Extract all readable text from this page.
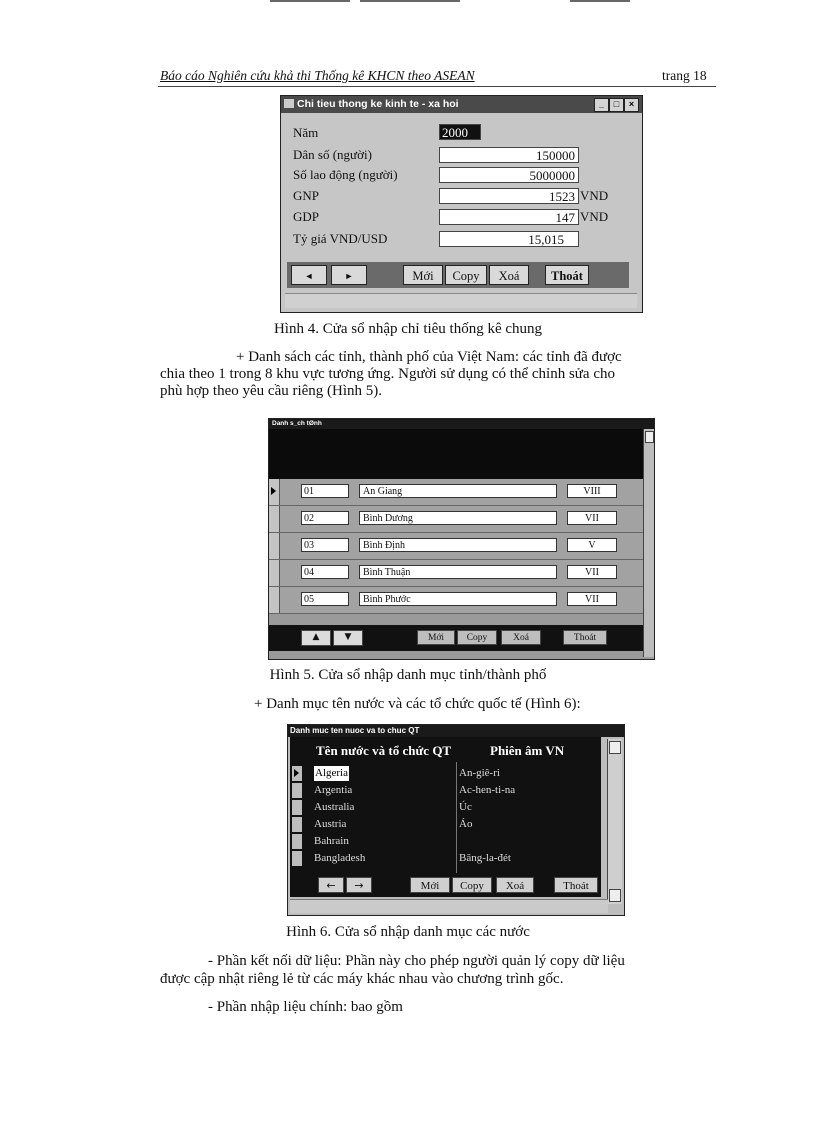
Báo cáo Nghiên cứu khả thi Thống kê KHCN theo ASEAN	trang 18
Chi tieu thong ke kinh te - xa hoi	_	□	×
Năm	2000
Dân số (người)	150000
Số lao động (người)	5000000
GNP	1523 VND
GDP	147 VND
Tỷ giá VND/USD	15,015
◄	►	Mới	Copy	Xoá	Thoát
Hình 4. Cửa sổ nhập chỉ tiêu thống kê chung
+ Danh sách các tỉnh, thành phố của Việt Nam: các tỉnh đã được
chia theo 1 trong 8 khu vực tương ứng. Người sử dụng có thể chỉnh sửa cho
phù hợp theo yêu cầu riêng (Hình 5).
Danh s_ch tØnh
01	An Giang	VIII
02	Bình Dương	VII
03	Bình Định	V
04	Bình Thuận	VII
05	Bình Phước	VII
▲	▼	Mới	Copy	Xoá	Thoát
Hình 5. Cửa sổ nhập danh mục tỉnh/thành phố
+ Danh mục tên nước và các tổ chức quốc tế (Hình 6):
Danh muc ten nuoc va to chuc QT
Tên nước và tổ chức QT	Phiên âm VN
Algeria	An-giê-ri
Argentia	Ac-hen-ti-na
Australia	Úc
Austria	Áo
Bahrain
Bangladesh	Băng-la-đét
←	→	Mới	Copy	Xoá	Thoát
Hình 6. Cửa sổ nhập danh mục các nước
- Phần kết nối dữ liệu: Phần này cho phép người quản lý copy dữ liệu
được cập nhật riêng lẻ từ các máy khác nhau vào chương trình gốc.
- Phần nhập liệu chính: bao gồm
